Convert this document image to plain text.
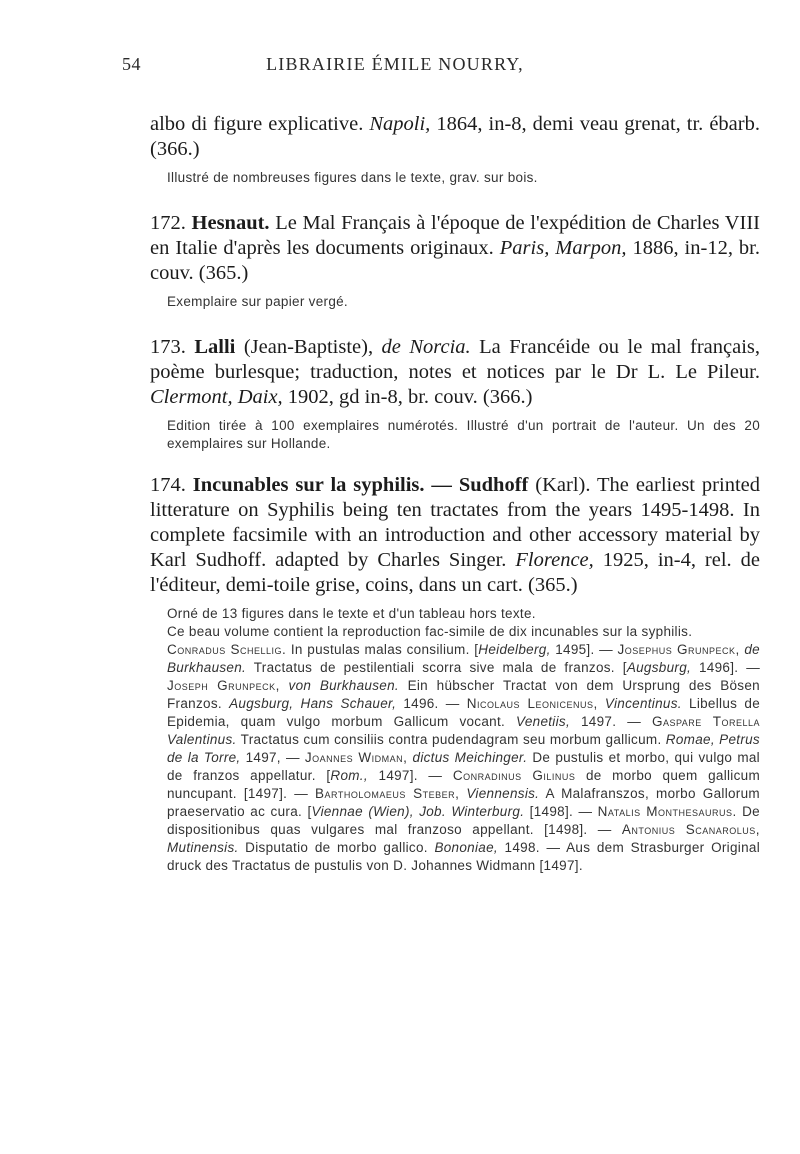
54	LIBRAIRIE ÉMILE NOURRY,

albo di figure explicative. Napoli, 1864, in-8, demi veau grenat, tr. ébarb. (366.)

Illustré de nombreuses figures dans le texte, grav. sur bois.

172. Hesnaut. Le Mal Français à l'époque de l'expédition de Charles VIII en Italie d'après les documents originaux. Paris, Marpon, 1886, in-12, br. couv. (365.)

Exemplaire sur papier vergé.

173. Lalli (Jean-Baptiste), de Norcia. La Francéide ou le mal français, poème burlesque; traduction, notes et notices par le Dr L. Le Pileur. Clermont, Daix, 1902, gd in-8, br. couv. (366.)

Edition tirée à 100 exemplaires numérotés. Illustré d'un portrait de l'auteur. Un des 20 exemplaires sur Hollande.

174. Incunables sur la syphilis. — Sudhoff (Karl). The earliest printed litterature on Syphilis being ten tractates from the years 1495-1498. In complete facsimile with an introduction and other accessory material by Karl Sudhoff. adapted by Charles Singer. Florence, 1925, in-4, rel. de l'éditeur, demi-toile grise, coins, dans un cart. (365.)

Orné de 13 figures dans le texte et d'un tableau hors texte.

Ce beau volume contient la reproduction fac-simile de dix incunables sur la syphilis.

Conradus Schellig. In pustulas malas consilium. [Heidelberg, 1495]. — Josephus Grunpeck, de Burkhausen. Tractatus de pestilentiali scorra sive mala de franzos. [Augsburg, 1496]. — Joseph Grunpeck, von Burkhausen. Ein hübscher Tractat von dem Ursprung des Bösen Franzos. Augsburg, Hans Schauer, 1496. — Nicolaus Leonicenus, Vincentinus. Libellus de Epidemia, quam vulgo morbum Gallicum vocant. Venetiis, 1497. — Gaspare Torella Valentinus. Tractatus cum consiliis contra pudendagram seu morbum gallicum. Romae, Petrus de la Torre, 1497, — Joannes Widman, dictus Meichinger. De pustulis et morbo, qui vulgo mal de franzos appellatur. [Rom., 1497]. — Conradinus Gilinus de morbo quem gallicum nuncupant. [1497]. — Bartholomaeus Steber, Viennensis. A Malafranszos, morbo Gallorum praeservatio ac cura. [Viennae (Wien), Job. Winterburg. [1498]. — Natalis Monthesaurus. De dispositionibus quas vulgares mal franzoso appellant. [1498]. — Antonius Scanarolus, Mutinensis. Disputatio de morbo gallico. Bononiae, 1498. — Aus dem Strasburger Original druck des Tractatus de pustulis von D. Johannes Widmann [1497].
